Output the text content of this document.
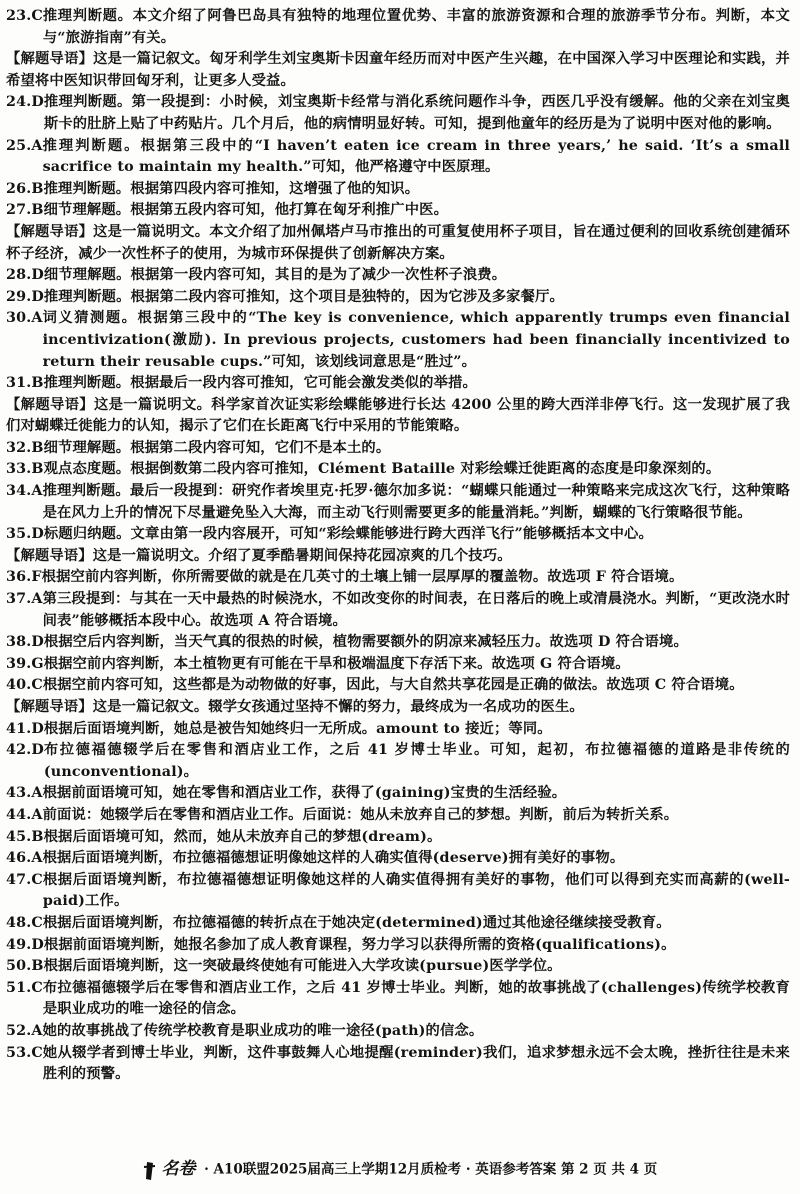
23.C 推理判断题。本文介绍了阿鲁巴岛具有独特的地理位置优势、丰富的旅游资源和合理的旅游季节分布。判断，本文与“旅游指南”有关。
【解题导语】这是一篇记叙文。匈牙利学生刘宝奥斯卡因童年经历而对中医产生兴趣，在中国深入学习中医理论和实践，并希望将中医知识带回匈牙利，让更多人受益。
24.D 推理判断题。第一段提到：小时候，刘宝奥斯卡经常与消化系统问题作斗争，西医几乎没有缓解。他的父亲在刘宝奥斯卡的肚脐上贴了中药贴片。几个月后，他的病情明显好转。可知，提到他童年的经历是为了说明中医对他的影响。
25.A 推理判断题。根据第三段中的“I haven’t eaten ice cream in three years,’ he said. ‘It’s a small sacrifice to maintain my health.”可知，他严格遵守中医原理。
26.B 推理判断题。根据第四段内容可推知，这增强了他的知识。
27.B 细节理解题。根据第五段内容可知，他打算在匈牙利推广中医。
【解题导语】这是一篇说明文。本文介绍了加州佩塔卢马市推出的可重复使用杯子项目，旨在通过便利的回收系统创建循环杯子经济，减少一次性杯子的使用，为城市环保提供了创新解决方案。
28.D 细节理解题。根据第一段内容可知，其目的是为了减少一次性杯子浪费。
29.D 推理判断题。根据第二段内容可推知，这个项目是独特的，因为它涉及多家餐厅。
30.A 词义猜测题。根据第三段中的“The key is convenience, which apparently trumps even financial incentivization(激励). In previous projects, customers had been financially incentivized to return their reusable cups.”可知，该划线词意思是“胜过”。
31.B 推理判断题。根据最后一段内容可推知，它可能会激发类似的举措。
【解题导语】这是一篇说明文。科学家首次证实彩绘蝶能够进行长达 4200 公里的跨大西洋非停飞行。这一发现扩展了我们对蝴蝶迁徙能力的认知，揭示了它们在长距离飞行中采用的节能策略。
32.B 细节理解题。根据第二段内容可知，它们不是本土的。
33.B 观点态度题。根据倒数第二段内容可推知，Clément Bataille 对彩绘蝶迁徙距离的态度是印象深刻的。
34.A 推理判断题。最后一段提到：研究作者埃里克·托罗·德尔加多说：“蝴蝶只能通过一种策略来完成这次飞行，这种策略是在风力上升的情况下尽量避免坠入大海，而主动飞行则需要更多的能量消耗。”判断，蝴蝶的飞行策略很节能。
35.D 标题归纳题。文章由第一段内容展开，可知“彩绘蝶能够进行跨大西洋飞行”能够概括本文中心。
【解题导语】这是一篇说明文。介绍了夏季酷暑期间保持花园凉爽的几个技巧。
36.F 根据空前内容判断，你所需要做的就是在几英寸的土壤上铺一层厚厚的覆盖物。故选项 F 符合语境。
37.A 第三段提到：与其在一天中最热的时候浇水，不如改变你的时间表，在日落后的晚上或清晨浇水。判断，“更改浇水时间表”能够概括本段中心。故选项 A 符合语境。
38.D 根据空后内容判断，当天气真的很热的时候，植物需要额外的阴凉来减轻压力。故选项 D 符合语境。
39.G 根据空前内容判断，本土植物更有可能在干旱和极端温度下存活下来。故选项 G 符合语境。
40.C 根据空前内容可知，这些都是为动物做的好事，因此，与大自然共享花园是正确的做法。故选项 C 符合语境。
【解题导语】这是一篇记叙文。辍学女孩通过坚持不懈的努力，最终成为一名成功的医生。
41.D 根据后面语境判断，她总是被告知她终归一无所成。amount to 接近；等同。
42.D 布拉德福德辍学后在零售和酒店业工作，之后 41 岁博士毕业。可知，起初，布拉德福德的道路是非传统的(unconventional)。
43.A 根据前面语境可知，她在零售和酒店业工作，获得了(gaining)宝贵的生活经验。
44.A 前面说：她辍学后在零售和酒店业工作。后面说：她从未放弃自己的梦想。判断，前后为转折关系。
45.B 根据后面语境可知，然而，她从未放弃自己的梦想(dream)。
46.A 根据后面语境判断，布拉德福德想证明像她这样的人确实值得(deserve)拥有美好的事物。
47.C 根据后面语境判断，布拉德福德想证明像她这样的人确实值得拥有美好的事物，他们可以得到充实而高薪的(well-paid)工作。
48.C 根据后面语境判断，布拉德福德的转折点在于她决定(determined)通过其他途径继续接受教育。
49.D 根据前面语境判断，她报名参加了成人教育课程，努力学习以获得所需的资格(qualifications)。
50.B 根据后面语境判断，这一突破最终使她有可能进入大学攻读(pursue)医学学位。
51.C 布拉德福德辍学后在零售和酒店业工作，之后 41 岁博士毕业。判断，她的故事挑战了(challenges)传统学校教育是职业成功的唯一途径的信念。
52.A 她的故事挑战了传统学校教育是职业成功的唯一途径(path)的信念。
53.C 她从辍学者到博士毕业，判断，这件事鼓舞人心地提醒(reminder)我们，追求梦想永远不会太晚，挫折往往是未来胜利的预警。
名卷 · A10联盟2025届高三上学期12月质检考 · 英语参考答案 第 2 页 共 4 页
